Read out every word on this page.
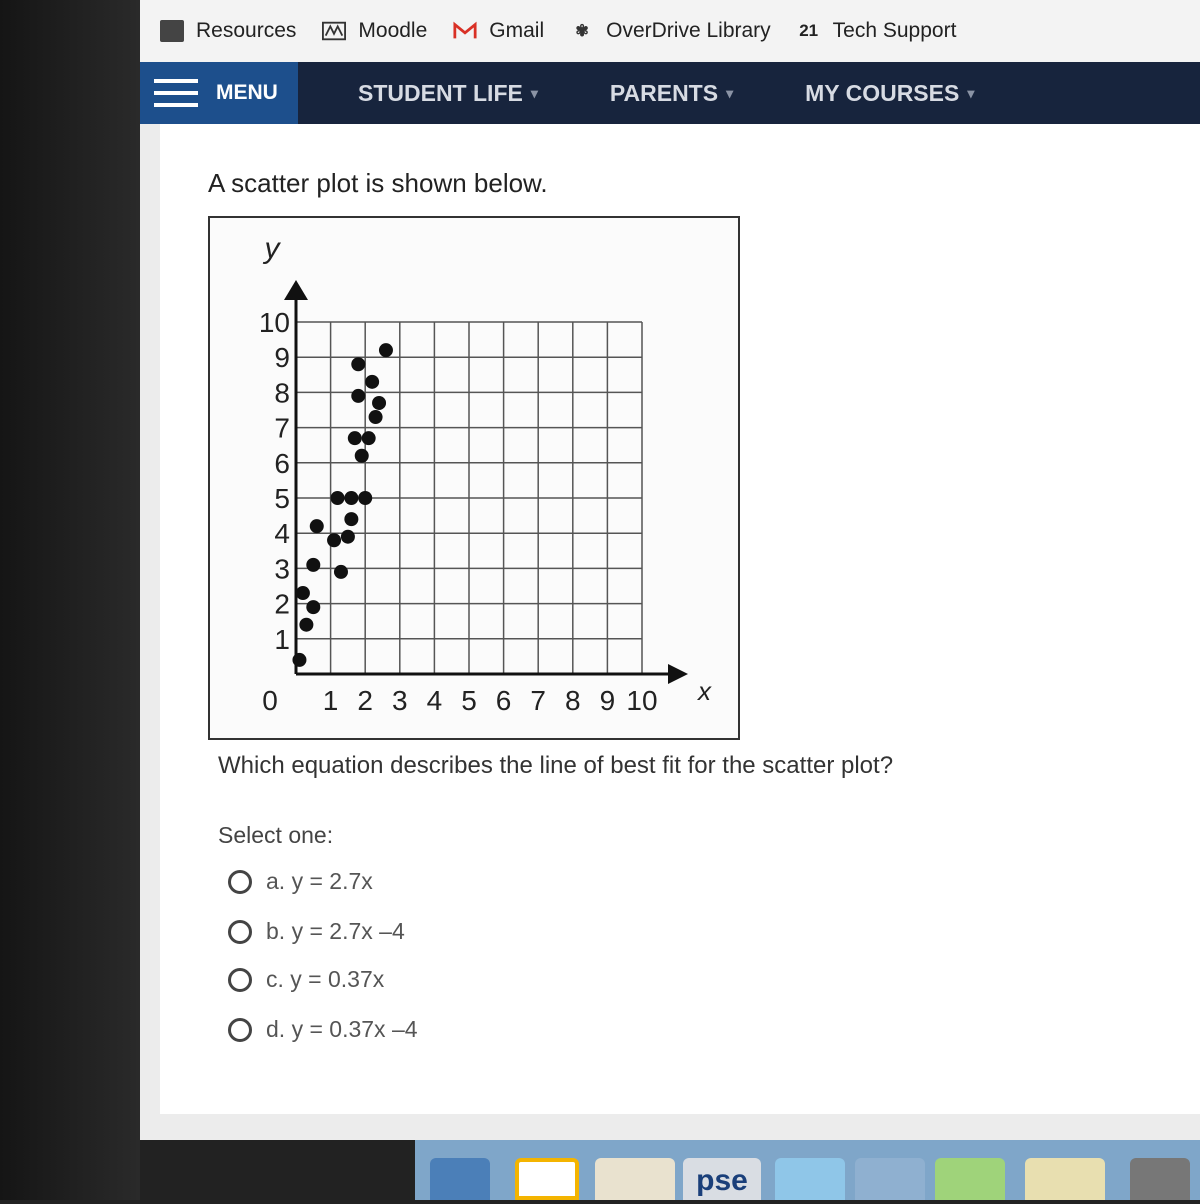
Resources	Moodle	Gmail	✾ OverDrive Library 21 Tech Support
MENU	STUDENT LIFE ▾	PARENTS ▾	MY COURSES ▾
A scatter plot is shown below.
1
2
3
4
5
6
7
8
9
10
0 1 2 3 4 5 6 7 8 9 10
y
x
Which equation describes the line of best fit for the scatter plot?
Select one:
a. y = 2.7x
b. y = 2.7x –4
c. y = 0.37x
d. y = 0.37x –4
pse
